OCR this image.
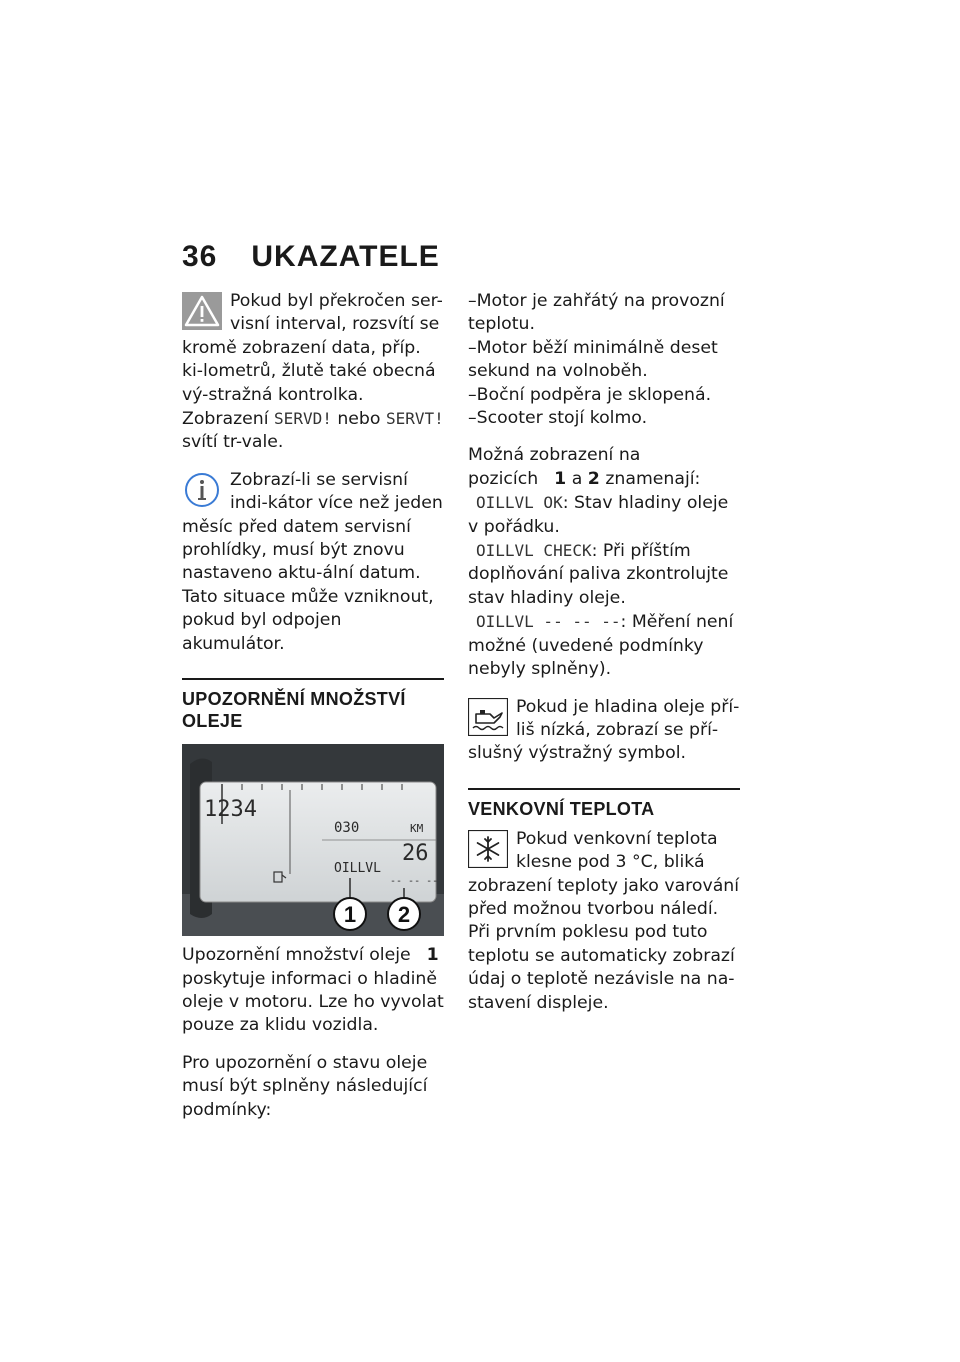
36 UKAZATELE

Pokud byl překročen ser-visní interval, rozsvítí se kromě zobrazení data, příp. ki-lometrů, žlutě také obecná vý-stražná kontrolka. Zobrazení SERVD! nebo SERVT! svítí tr-vale.

Zobrazí-li se servisní indi-kátor více než jeden měsíc před datem servisní prohlídky, musí být znovu nastaveno aktu-ální datum. Tato situace může vzniknout, pokud byl odpojen akumulátor.

UPOZORNĚNÍ MNOŽSTVÍ OLEJE
1234
030	KM
26
OILLVL
-- -- --
1 2

Upozornění množství oleje 1 poskytuje informaci o hladině oleje v motoru. Lze ho vyvolat pouze za klidu vozidla.

Pro upozornění o stavu oleje musí být splněny následující podmínky:

–Motor je zahřátý na provozní teplotu.
–Motor běží minimálně deset sekund na volnoběh.
–Boční podpěra je sklopená.
–Scooter stojí kolmo.

Možná zobrazení na pozicích 1 a 2 znamenají:

OILLVL OK: Stav hladiny oleje v pořádku.

OILLVL CHECK: Při příštím doplňování paliva zkontrolujte stav hladiny oleje.

OILLVL -- -- --: Měření není možné (uvedené podmínky nebyly splněny).

Pokud je hladina oleje pří-liš nízká, zobrazí se pří-slušný výstražný symbol.

VENKOVNÍ TEPLOTA

Pokud venkovní teplota klesne pod 3 °C, bliká zobrazení teploty jako varování před možnou tvorbou náledí. Při prvním poklesu pod tuto teplotu se automaticky zobrazí údaj o teplotě nezávisle na na-stavení displeje.
